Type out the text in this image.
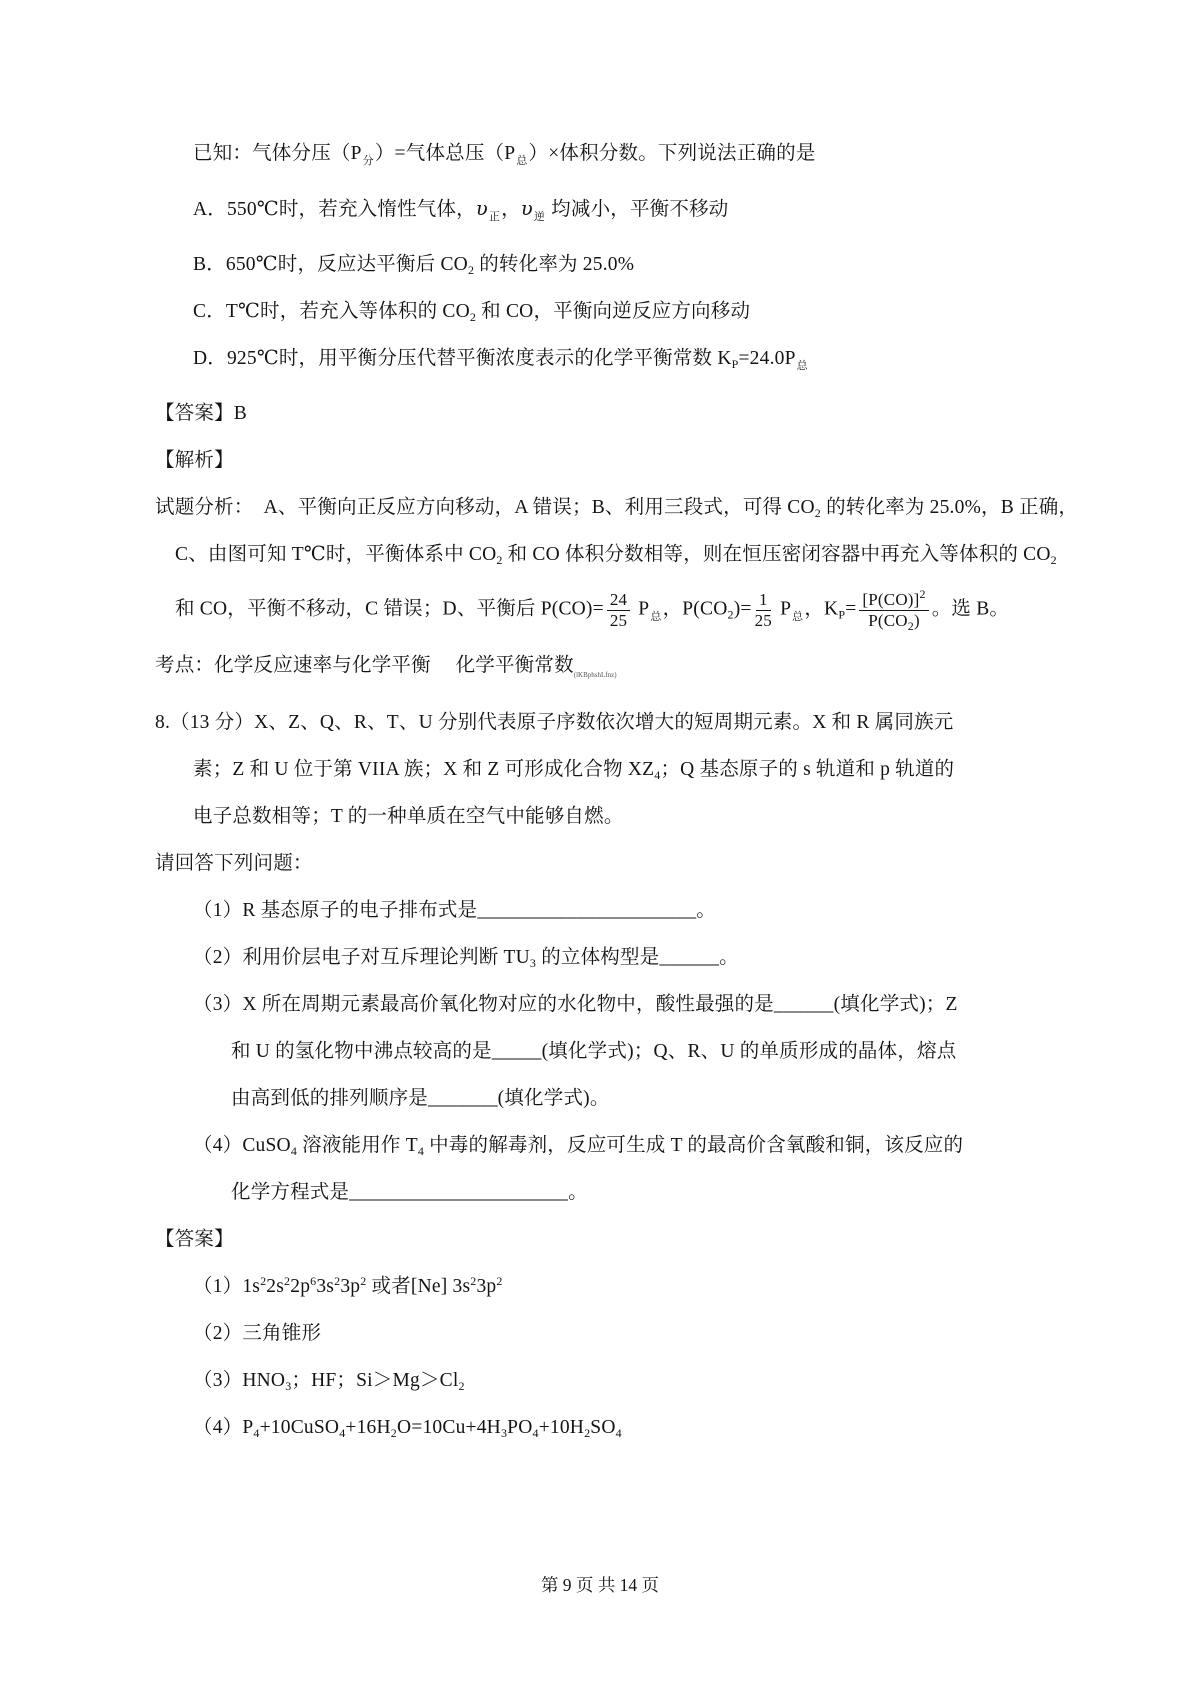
已知：气体分压$(P_分)=$气体总压$(P_总)\times$体积分数。下列说法正确的是
A．550℃时，若充入惰性气体，$\upsilon_正$，$\upsilon_逆$ 均减小，平衡不移动
B．650℃时，反应达平衡后 $CO_2$ 的转化率为 25.0%
C．T℃时，若充入等体积的 $CO_2$ 和 CO，平衡向逆反应方向移动
D．925℃时，用平衡分压代替平衡浓度表示的化学平衡常数 $K_P=24.0P_总$
【答案】B
【解析】
试题分析：  A、平衡向正反应方向移动，A 错误；B、利用三段式，可得 $CO_2$ 的转化率为 25.0%，B 正确，
C、由图可知 T℃时，平衡体系中 $CO_2$ 和 CO 体积分数相等，则在恒压密闭容器中再充入等体积的 $CO_2$
和 CO，平衡不移动，C 错误；D、平衡后 $P(CO)= \frac{24}{25} P_总$，$P(CO_2)= \frac{1}{25} P_总$，$K_P= \frac{[P(CO)]^2}{P(CO_2)}$ 。选 B。
考点：化学反应速率与化学平衡　 化学平衡常数$_{(lKBphshLfnz)}$
8.（13 分）X、Z、Q、R、T、U 分别代表原子序数依次增大的短周期元素。X 和 R 属同族元
素；Z 和 U 位于第 VIIA 族；X 和 Z 可形成化合物 $XZ_4$；Q 基态原子的 s 轨道和 p 轨道的
电子总数相等；T 的一种单质在空气中能够自燃。
请回答下列问题：
（1）R 基态原子的电子排布式是______________________。
（2）利用价层电子对互斥理论判断 $TU_3$ 的立体构型是______。
（3）X 所在周期元素最高价氧化物对应的水化物中，酸性最强的是______(填化学式)；Z
和 U 的氢化物中沸点较高的是_____(填化学式)；Q、R、U 的单质形成的晶体，熔点
由高到低的排列顺序是_______(填化学式)。
（4）CuSO$_4$ 溶液能用作 $T_4$ 中毒的解毒剂，反应可生成 T 的最高价含氧酸和铜，该反应的
化学方程式是______________________。
【答案】
$(1)1s^22s^22p^63s^23p^2$ 或者[Ne] $3s^23p^2$
（2）三角锥形
$(3)HNO_3$；HF；$Si>Mg>Cl_2$
$(4)P_4+10CuSO_4+16H_2O=10Cu+4H_3PO_4+10H_2SO_4$
第 9 页 共 14 页
